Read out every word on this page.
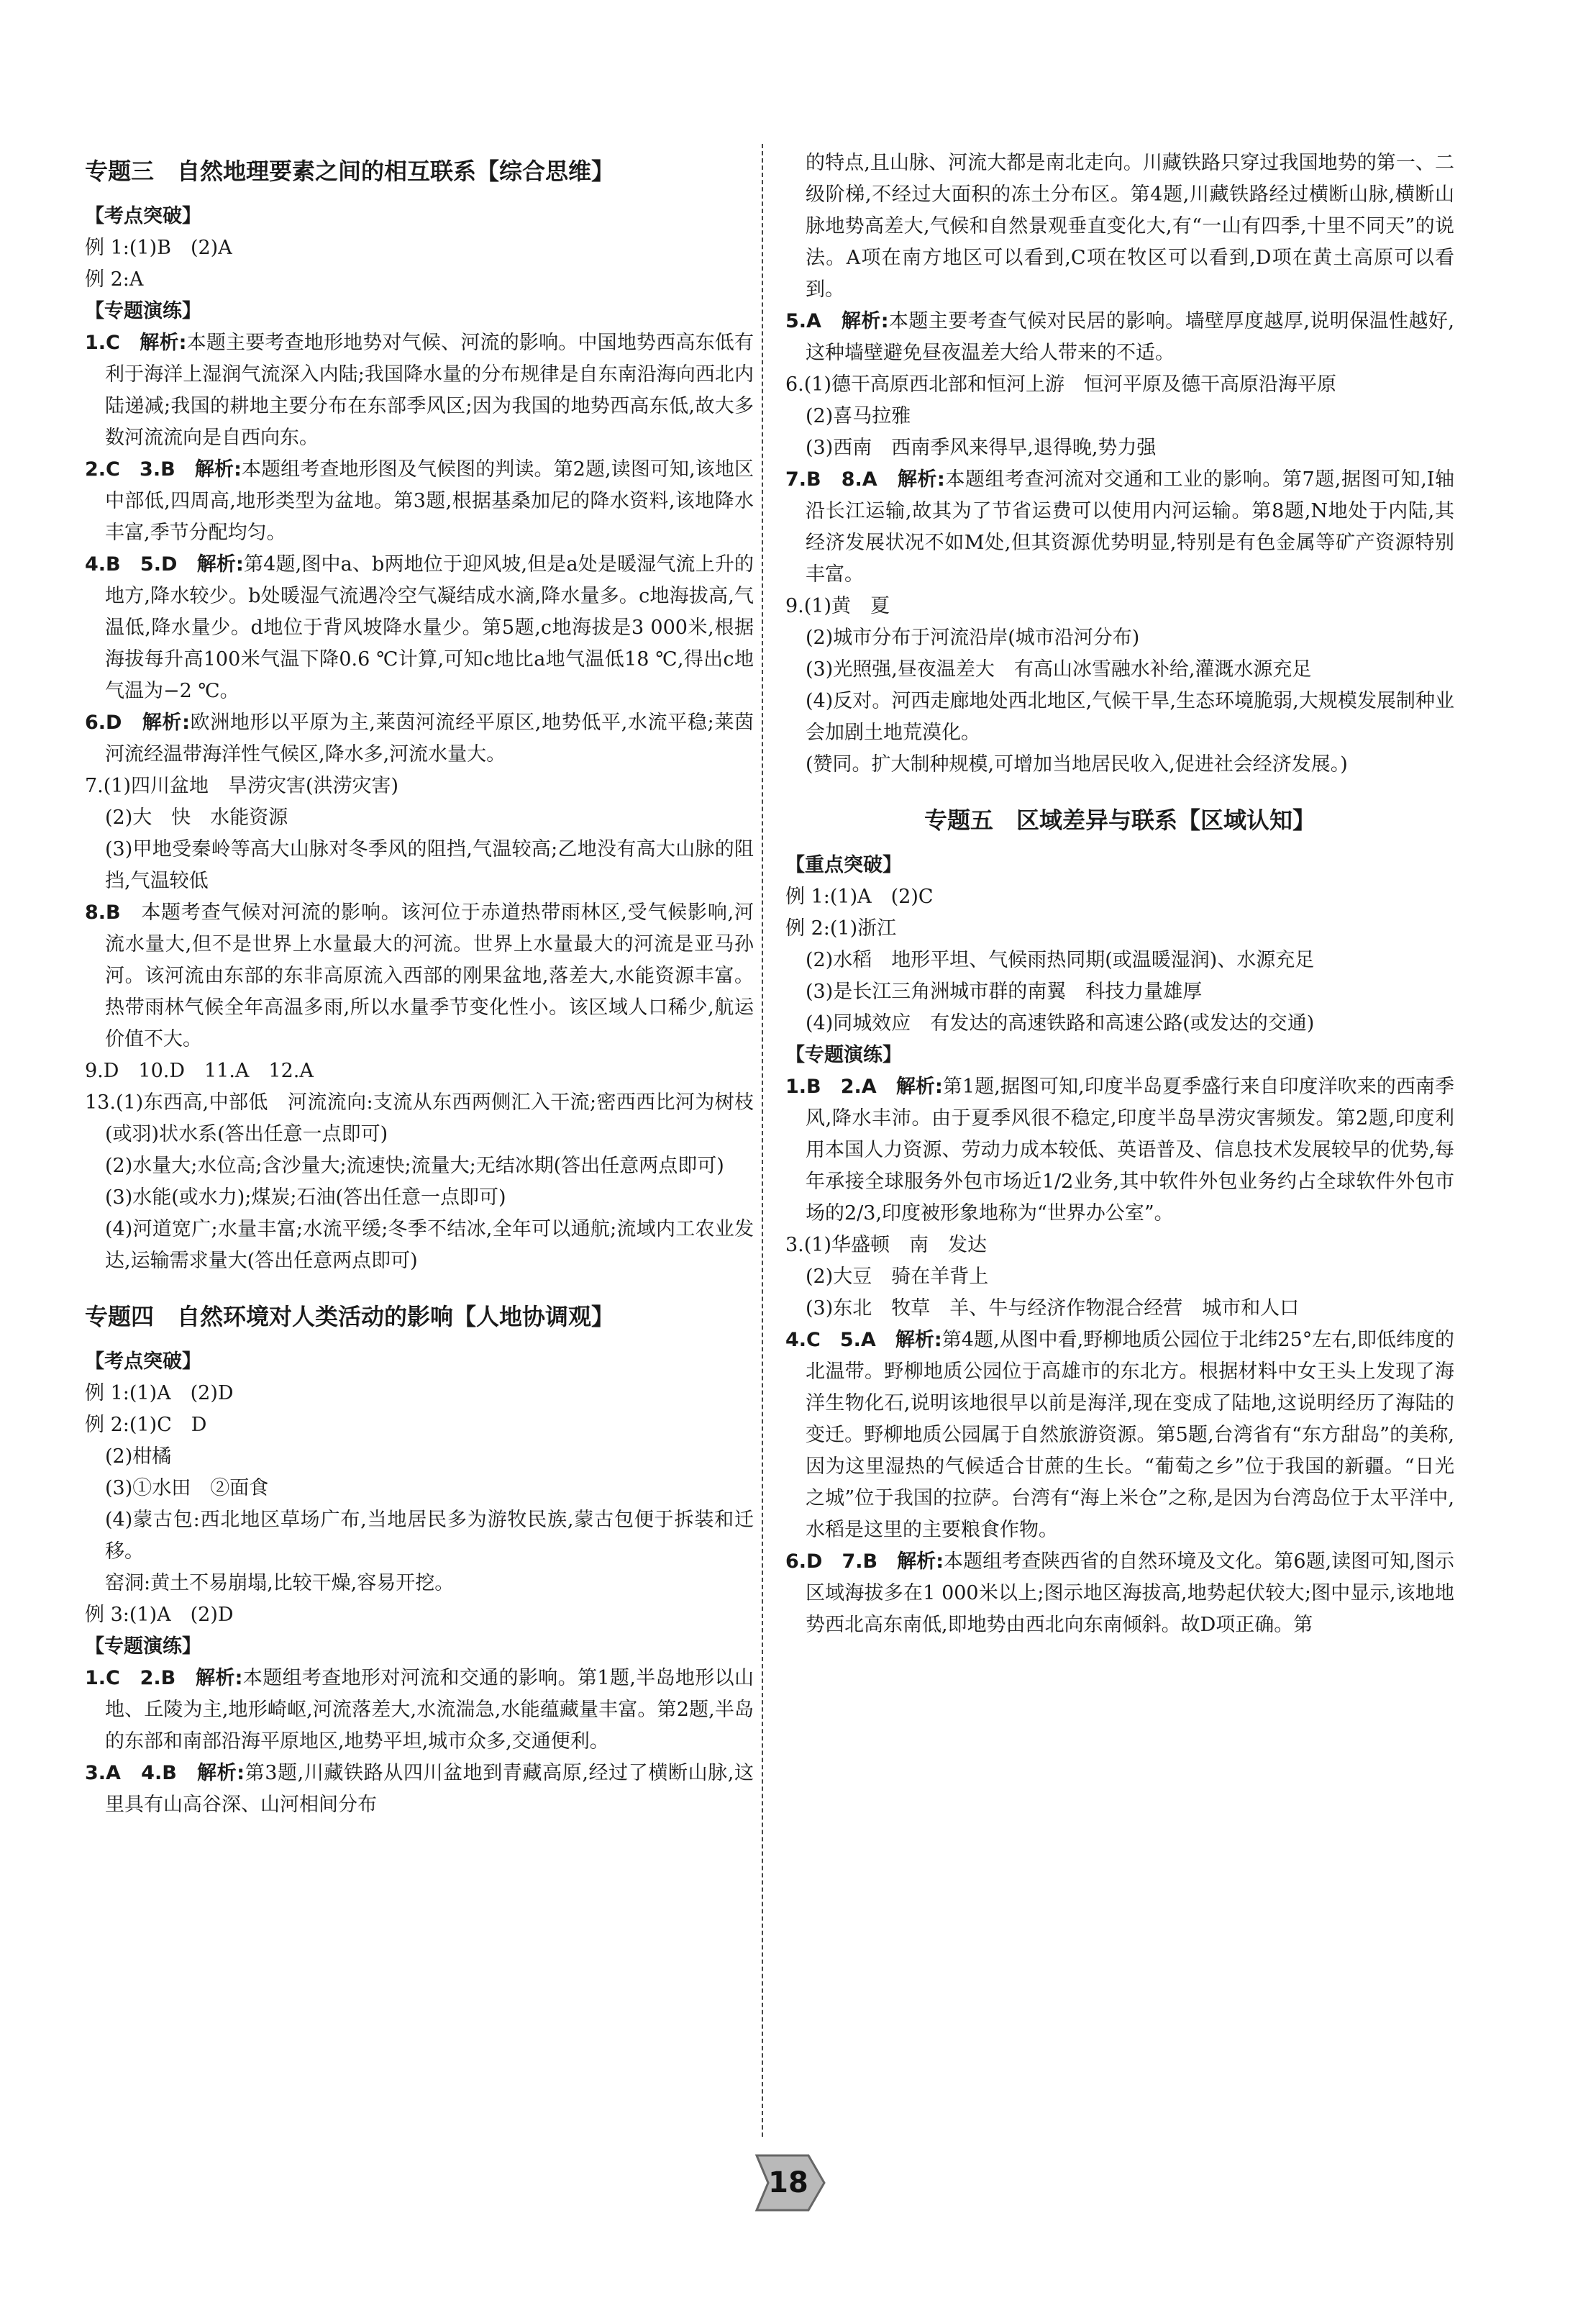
专题三　自然地理要素之间的相互联系【综合思维】
【考点突破】

例 1:(1)B　(2)A

例 2:A

【专题演练】

1.C　 解析:本题主要考查地形地势对气候、河流的影响。中国地势西高东低有利于海洋上湿润气流深入内陆;我国降水量的分布规律是自东南沿海向西北内陆递减;我国的耕地主要分布在东部季风区;因为我国的地势西高东低,故大多数河流流向是自西向东。

2.C　3.B　 解析:本题组考查地形图及气候图的判读。第2题,读图可知,该地区中部低,四周高,地形类型为盆地。第3题,根据基桑加尼的降水资料,该地降水丰富,季节分配均匀。

4.B　5.D　 解析:第4题,图中a、b两地位于迎风坡,但是a处是暖湿气流上升的地方,降水较少。b处暖湿气流遇冷空气凝结成水滴,降水量多。c地海拔高,气温低,降水量少。d地位于背风坡降水量少。第5题,c地海拔是3 000米,根据海拔每升高100米气温下降0.6 ℃计算,可知c地比a地气温低18 ℃,得出c地气温为−2 ℃。

6.D　 解析:欧洲地形以平原为主,莱茵河流经平原区,地势低平,水流平稳;莱茵河流经温带海洋性气候区,降水多,河流水量大。

7.(1)四川盆地　旱涝灾害(洪涝灾害)

(2)大　快　水能资源

(3)甲地受秦岭等高大山脉对冬季风的阻挡,气温较高;乙地没有高大山脉的阻挡,气温较低

8.B　 本题考查气候对河流的影响。该河位于赤道热带雨林区,受气候影响,河流水量大,但不是世界上水量最大的河流。世界上水量最大的河流是亚马孙河。该河流由东部的东非高原流入西部的刚果盆地,落差大,水能资源丰富。热带雨林气候全年高温多雨,所以水量季节变化性小。该区域人口稀少,航运价值不大。

9.D　10.D　11.A　12.A

13.(1)东西高,中部低　河流流向:支流从东西两侧汇入干流;密西西比河为树枝(或羽)状水系(答出任意一点即可)

(2)水量大;水位高;含沙量大;流速快;流量大;无结冰期(答出任意两点即可)

(3)水能(或水力);煤炭;石油(答出任意一点即可)

(4)河道宽广;水量丰富;水流平缓;冬季不结冰,全年可以通航;流域内工农业发达,运输需求量大(答出任意两点即可)

专题四　自然环境对人类活动的影响【人地协调观】
【考点突破】

例 1:(1)A　(2)D

例 2:(1)C　D

(2)柑橘

(3)①水田　②面食

(4)蒙古包:西北地区草场广布,当地居民多为游牧民族,蒙古包便于拆装和迁移。

窑洞:黄土不易崩塌,比较干燥,容易开挖。

例 3:(1)A　(2)D

【专题演练】

1.C　2.B　 解析:本题组考查地形对河流和交通的影响。第1题,半岛地形以山地、丘陵为主,地形崎岖,河流落差大,水流湍急,水能蕴藏量丰富。第2题,半岛的东部和南部沿海平原地区,地势平坦,城市众多,交通便利。

3.A　4.B　 解析:第3题,川藏铁路从四川盆地到青藏高原,经过了横断山脉,这里具有山高谷深、山河相间分布

的特点,且山脉、河流大都是南北走向。川藏铁路只穿过我国地势的第一、二级阶梯,不经过大面积的冻土分布区。第4题,川藏铁路经过横断山脉,横断山脉地势高差大,气候和自然景观垂直变化大,有“一山有四季,十里不同天”的说法。A项在南方地区可以看到,C项在牧区可以看到,D项在黄土高原可以看到。

5.A　 解析:本题主要考查气候对民居的影响。墙壁厚度越厚,说明保温性越好,这种墙壁避免昼夜温差大给人带来的不适。

6.(1)德干高原西北部和恒河上游　恒河平原及德干高原沿海平原

(2)喜马拉雅

(3)西南　西南季风来得早,退得晚,势力强

7.B　8.A　 解析:本题组考查河流对交通和工业的影响。第7题,据图可知,I轴沿长江运输,故其为了节省运费可以使用内河运输。第8题,N地处于内陆,其经济发展状况不如M处,但其资源优势明显,特别是有色金属等矿产资源特别丰富。

9.(1)黄　夏

(2)城市分布于河流沿岸(城市沿河分布)

(3)光照强,昼夜温差大　有高山冰雪融水补给,灌溉水源充足

(4)反对。河西走廊地处西北地区,气候干旱,生态环境脆弱,大规模发展制种业会加剧土地荒漠化。

(赞同。扩大制种规模,可增加当地居民收入,促进社会经济发展。)

专题五　区域差异与联系【区域认知】
【重点突破】

例 1:(1)A　(2)C

例 2:(1)浙江

(2)水稻　地形平坦、气候雨热同期(或温暖湿润)、水源充足

(3)是长江三角洲城市群的南翼　科技力量雄厚

(4)同城效应　有发达的高速铁路和高速公路(或发达的交通)

【专题演练】

1.B　2.A　 解析:第1题,据图可知,印度半岛夏季盛行来自印度洋吹来的西南季风,降水丰沛。由于夏季风很不稳定,印度半岛旱涝灾害频发。第2题,印度利用本国人力资源、劳动力成本较低、英语普及、信息技术发展较早的优势,每年承接全球服务外包市场近1/2业务,其中软件外包业务约占全球软件外包市场的2/3,印度被形象地称为“世界办公室”。

3.(1)华盛顿　南　发达

(2)大豆　骑在羊背上

(3)东北　牧草　羊、牛与经济作物混合经营　城市和人口

4.C　5.A　 解析:第4题,从图中看,野柳地质公园位于北纬25°左右,即低纬度的北温带。野柳地质公园位于高雄市的东北方。根据材料中女王头上发现了海洋生物化石,说明该地很早以前是海洋,现在变成了陆地,这说明经历了海陆的变迁。野柳地质公园属于自然旅游资源。第5题,台湾省有“东方甜岛”的美称,因为这里湿热的气候适合甘蔗的生长。“葡萄之乡”位于我国的新疆。“日光之城”位于我国的拉萨。台湾有“海上米仓”之称,是因为台湾岛位于太平洋中,水稻是这里的主要粮食作物。

6.D　7.B　 解析:本题组考查陕西省的自然环境及文化。第6题,读图可知,图示区域海拔多在1 000米以上;图示地区海拔高,地势起伏较大;图中显示,该地地势西北高东南低,即地势由西北向东南倾斜。故D项正确。第

18
